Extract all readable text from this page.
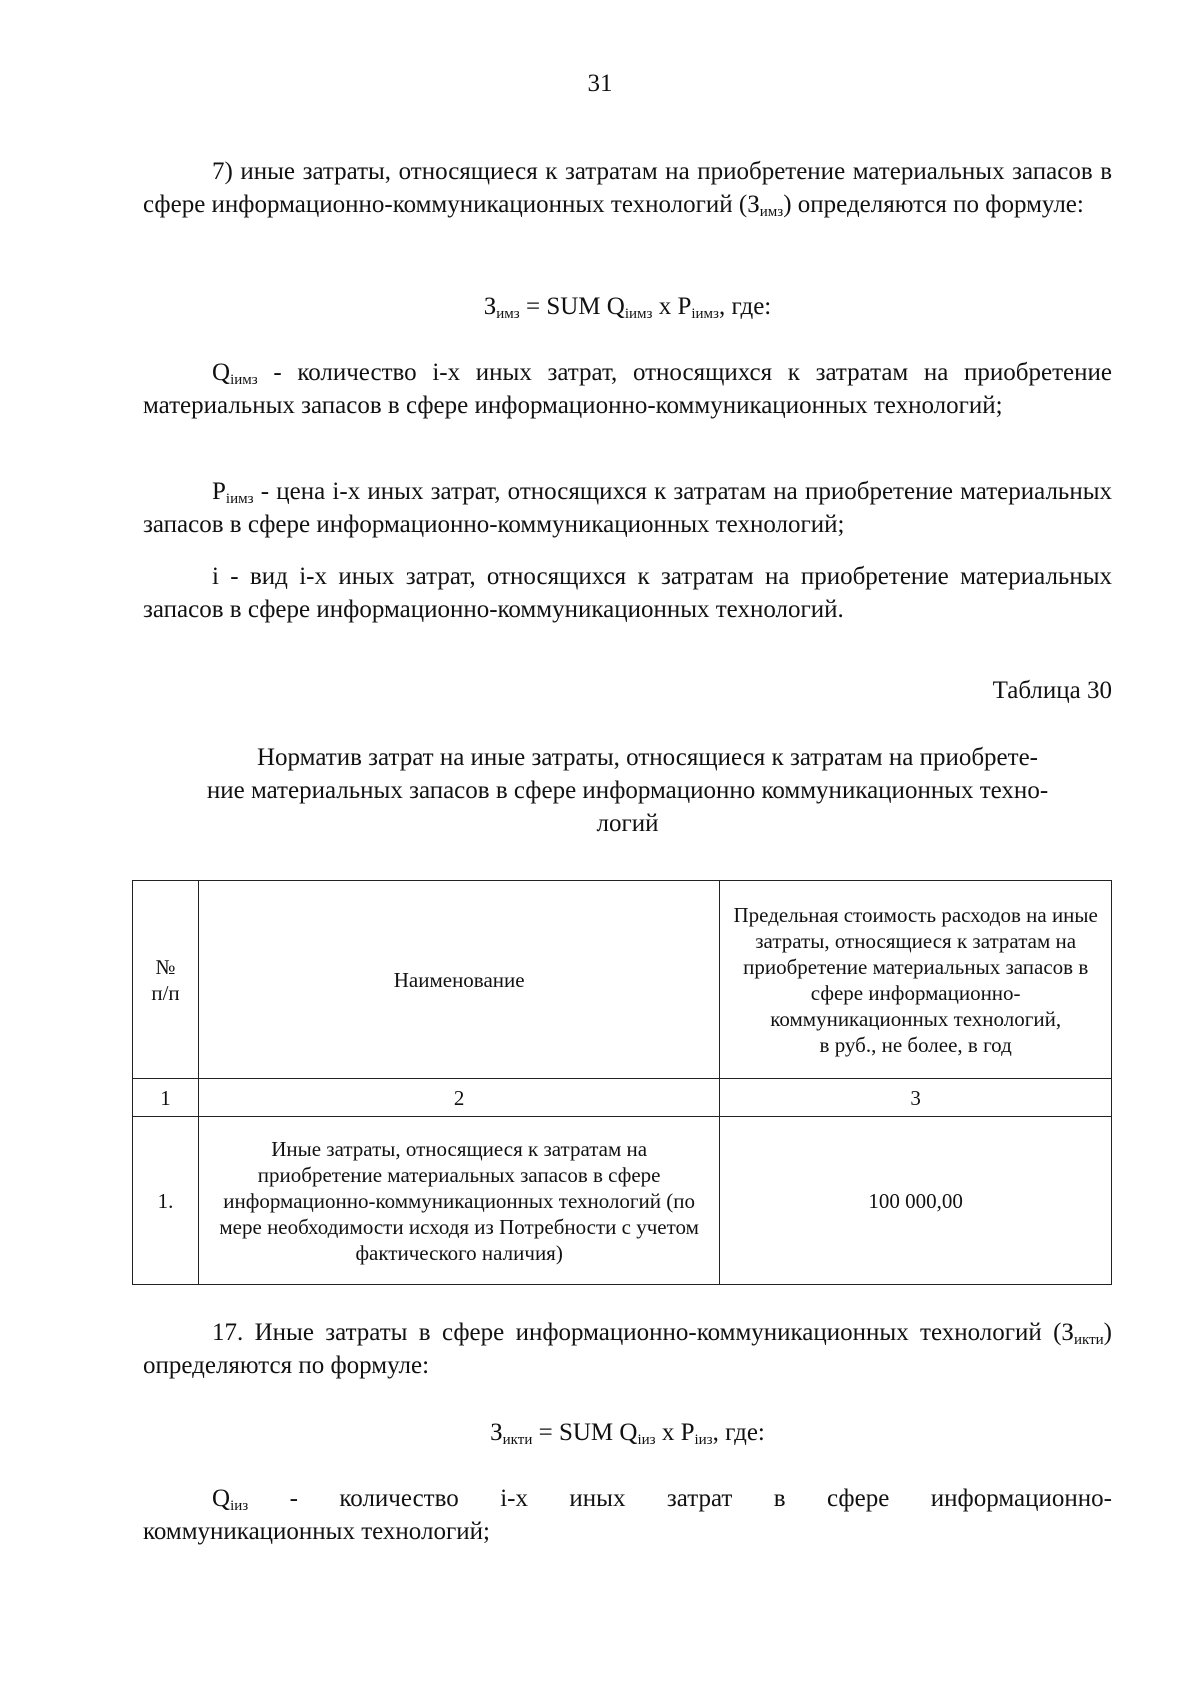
31

7) иные затраты, относящиеся к затратам на приобретение материальных запасов в сфере информационно-коммуникационных технологий $(З_{имз})$ определяются по формуле:

$З_{имз}$ = SUM $Q_{iимз}$ x $P_{iимз}$, где:

$Q_{iимз}$ - количество i-х иных затрат, относящихся к затратам на приобретение материальных запасов в сфере информационно-коммуникационных технологий;

$P_{iимз}$ - цена i-х иных затрат, относящихся к затратам на приобретение материальных запасов в сфере информационно-коммуникационных технологий;

i - вид i-х иных затрат, относящихся к затратам на приобретение материальных запасов в сфере информационно-коммуникационных технологий.

Таблица 30
Норматив затрат на иные затраты, относящиеся к затратам на приобрете-
ние материальных запасов в сфере информационно коммуникационных техно-
логий
№ п/п	Наименование	Предельная стоимость расходов на иные затраты, относящиеся к затратам на приобретение материальных запасов в сфере информационно-коммуникационных технологий,
в руб., не более, в год

1	2	3
1.	Иные затраты, относящиеся к затратам на приобретение материальных запасов в сфере информационно-коммуникационных технологий (по мере необходимости исходя из Потребности с учетом фактического наличия)	100 000,00

17. Иные затраты в сфере информационно-коммуникационных технологий $(З_{икти})$ определяются по формуле:

$З_{икти}$ = SUM $Q_{iиз}$ x $P_{iиз}$, где:
$Q_{iиз}$ - количество i-х иных затрат в сфере информационно-
коммуникационных технологий;
